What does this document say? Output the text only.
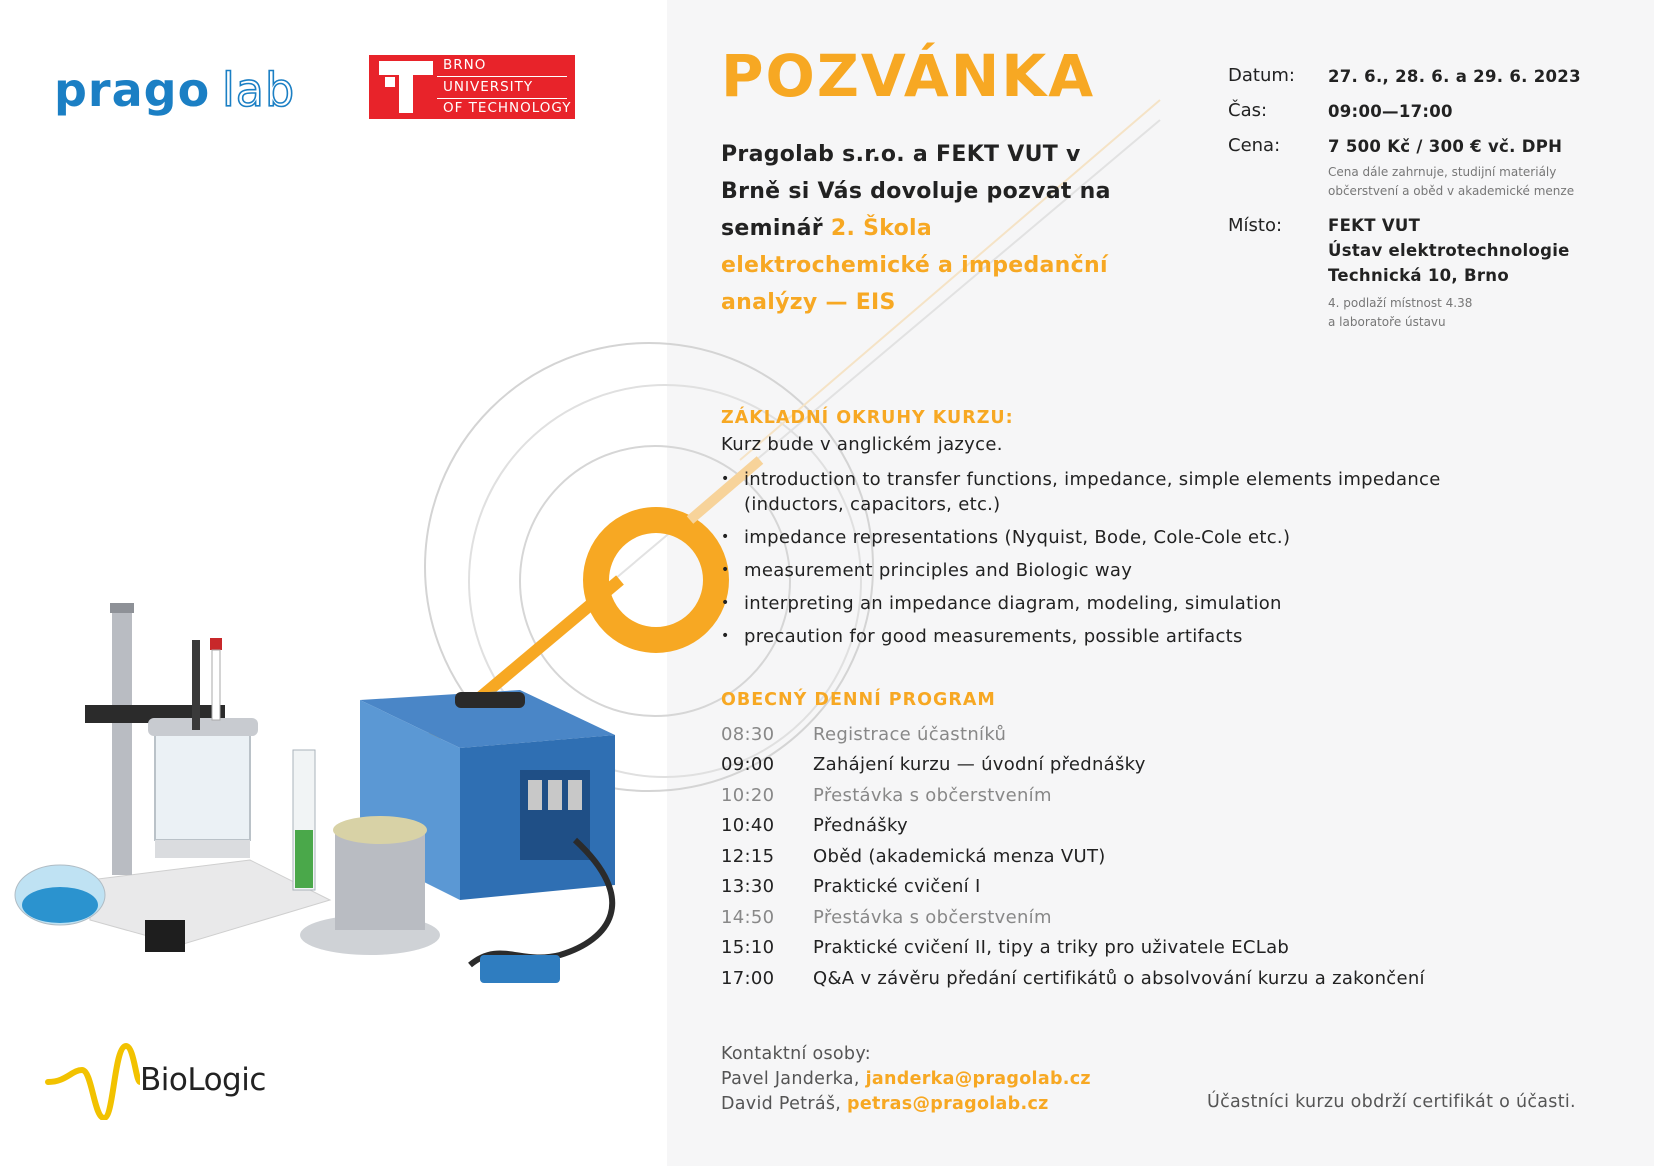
prago lab	BRNO
UNIVERSITY
OF TECHNOLOGY
BioLogic
POZVÁNKA
Pragolab s.r.o. a FEKT VUT v Brně si Vás dovoluje pozvat na seminář 2. Škola elektrochemické a impedanční analýzy — EIS
Datum: 27. 6., 28. 6. a 29. 6. 2023
Čas:	09:00—17:00
Cena:	7 500 Kč / 300 € vč. DPH
Cena dále zahrnuje, studijní materiály
občerstvení a oběd v akademické menze
Místo:	FEKT VUT
Ústav elektrotechnologie
Technická 10, Brno
4. podlaží místnost 4.38
a laboratoře ústavu
ZÁKLADNÍ OKRUHY KURZU:
Kurz bude v anglickém jazyce.
• introduction to transfer functions, impedance, simple elements impedance (inductors, capacitors, etc.)
• impedance representations (Nyquist, Bode, Cole-Cole etc.)
• measurement principles and Biologic way
• interpreting an impedance diagram, modeling, simulation
• precaution for good measurements, possible artifacts
OBECNÝ DENNÍ PROGRAM
08:30	Registrace účastníků
09:00	Zahájení kurzu — úvodní přednášky
10:20	Přestávka s občerstvením
10:40	Přednášky
12:15	Oběd (akademická menza VUT)
13:30	Praktické cvičení I
14:50	Přestávka s občerstvením
15:10	Praktické cvičení II, tipy a triky pro uživatele ECLab
17:00	Q&A v závěru předání certifikátů o absolvování kurzu a zakončení
Kontaktní osoby:
Pavel Janderka, janderka@pragolab.cz
David Petráš, petras@pragolab.cz	Účastníci kurzu obdrží certifikát o účasti.
